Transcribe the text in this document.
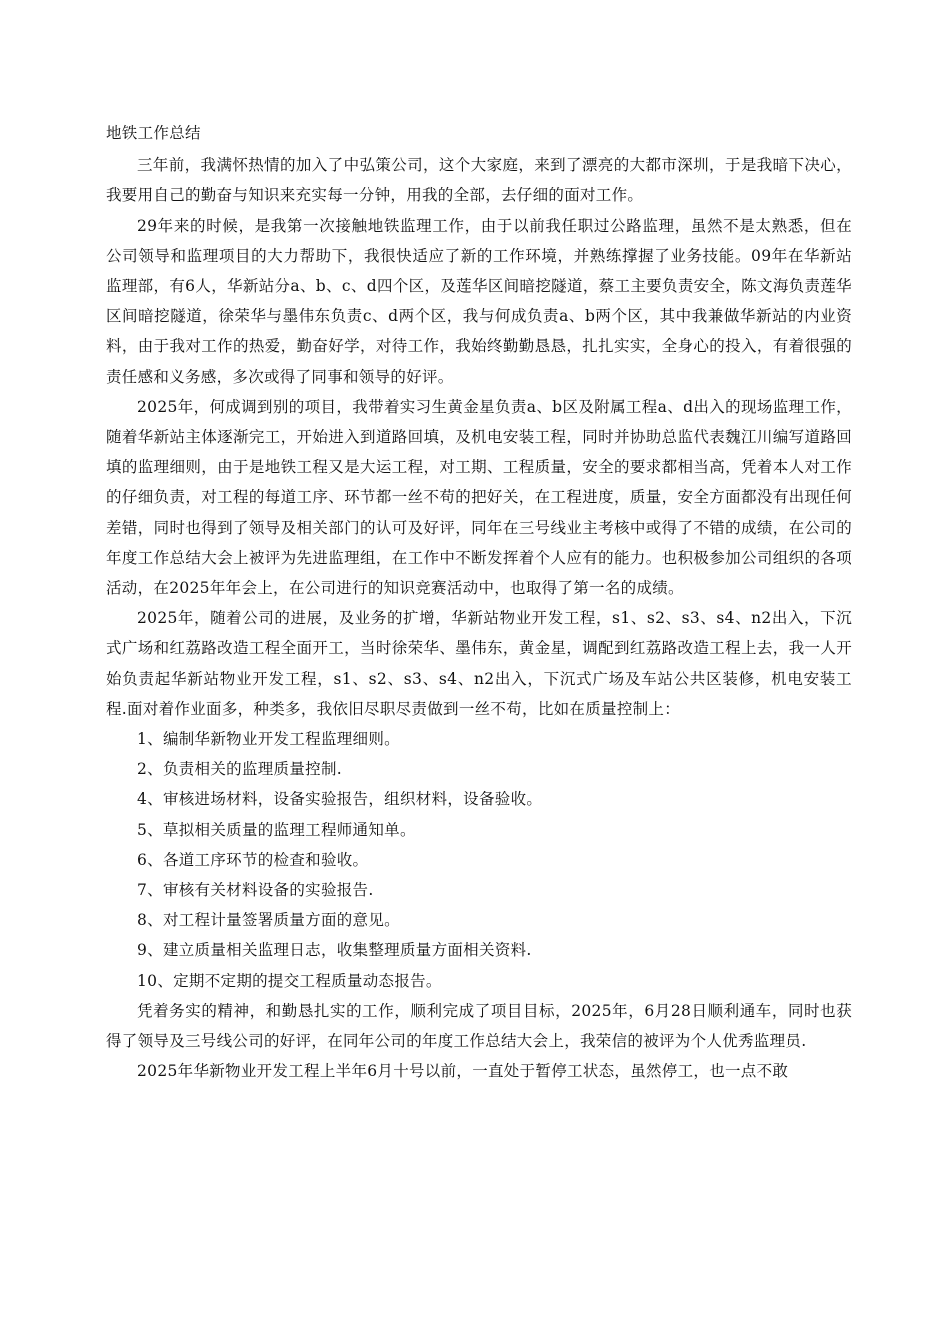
地铁工作总结

三年前，我满怀热情的加入了中弘策公司，这个大家庭，来到了漂亮的大都市深圳，于是我暗下决心，我要用自己的勤奋与知识来充实每一分钟，用我的全部，去仔细的面对工作。

29年来的时候，是我第一次接触地铁监理工作，由于以前我任职过公路监理，虽然不是太熟悉，但在公司领导和监理项目的大力帮助下，我很快适应了新的工作环境，并熟练撑握了业务技能。09年在华新站监理部，有6人，华新站分a、b、c、d四个区，及莲华区间暗挖隧道，蔡工主要负责安全，陈文海负责莲华区间暗挖隧道，徐荣华与墨伟东负责c、d两个区，我与何成负责a、b两个区，其中我兼做华新站的内业资料，由于我对工作的热爱，勤奋好学，对待工作，我始终勤勤恳恳，扎扎实实，全身心的投入，有着很强的责任感和义务感，多次或得了同事和领导的好评。

2025年，何成调到别的项目，我带着实习生黄金星负责a、b区及附属工程a、d出入的现场监理工作，随着华新站主体逐渐完工，开始进入到道路回填，及机电安装工程，同时并协助总监代表魏江川编写道路回填的监理细则，由于是地铁工程又是大运工程，对工期、工程质量，安全的要求都相当高，凭着本人对工作的仔细负责，对工程的每道工序、环节都一丝不苟的把好关，在工程进度，质量，安全方面都没有出现任何差错，同时也得到了领导及相关部门的认可及好评，同年在三号线业主考核中或得了不错的成绩，在公司的年度工作总结大会上被评为先进监理组，在工作中不断发挥着个人应有的能力。也积极参加公司组织的各项活动，在2025年年会上，在公司进行的知识竞赛活动中，也取得了第一名的成绩。

2025年，随着公司的进展，及业务的扩增，华新站物业开发工程，s1、s2、s3、s4、n2出入，下沉式广场和红荔路改造工程全面开工，当时徐荣华、墨伟东，黄金星，调配到红荔路改造工程上去，我一人开始负责起华新站物业开发工程，s1、s2、s3、s4、n2出入，下沉式广场及车站公共区装修，机电安装工程.面对着作业面多，种类多，我依旧尽职尽责做到一丝不苟，比如在质量控制上：

1、编制华新物业开发工程监理细则。

2、负责相关的监理质量控制.

4、审核进场材料，设备实验报告，组织材料，设备验收。

5、草拟相关质量的监理工程师通知单。

6、各道工序环节的检查和验收。

7、审核有关材料设备的实验报告.

8、对工程计量签署质量方面的意见。

9、建立质量相关监理日志，收集整理质量方面相关资料.

10、定期不定期的提交工程质量动态报告。

凭着务实的精神，和勤恳扎实的工作，顺利完成了项目目标，2025年，6月28日顺利通车，同时也获得了领导及三号线公司的好评，在同年公司的年度工作总结大会上，我荣信的被评为个人优秀监理员.

2025年华新物业开发工程上半年6月十号以前，一直处于暂停工状态，虽然停工，也一点不敢
